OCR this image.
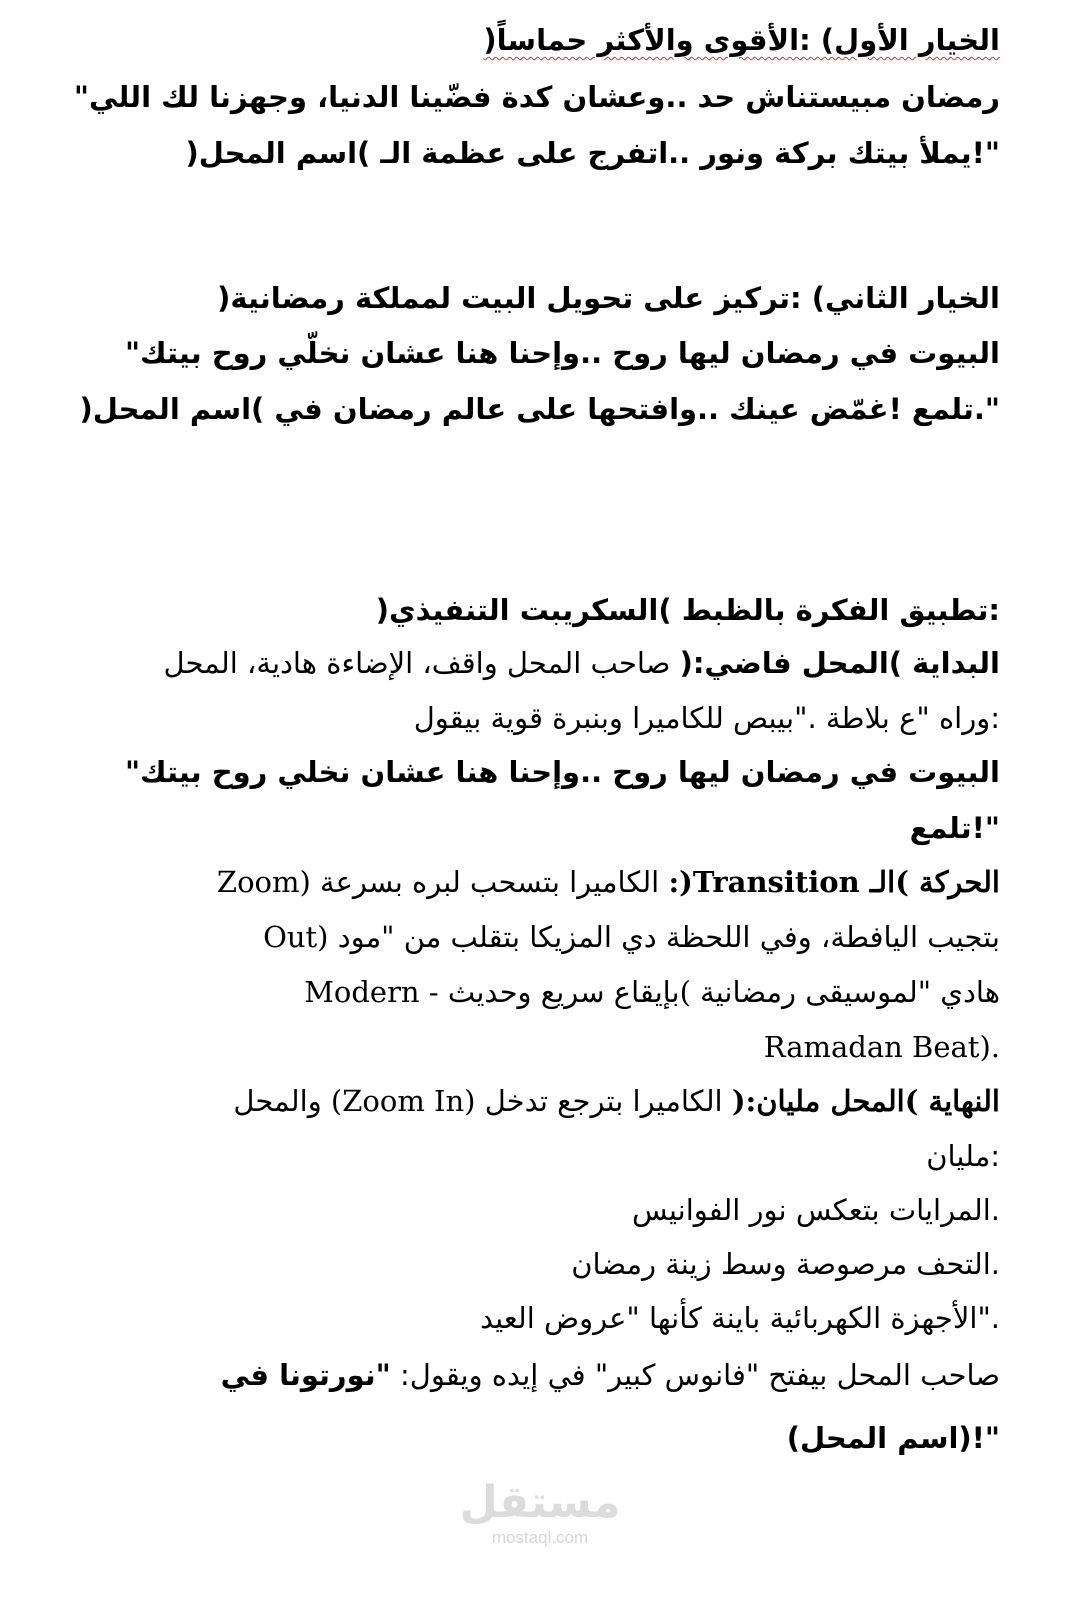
الخيار الأول) :الأقوى والأكثر حماساً(
رمضان مبيستناش حد ..وعشان كدة فضّينا الدنيا، وجهزنا لك اللي"
"!يملأ بيتك بركة ونور ..اتفرج على عظمة الـ )اسم المحل(
الخيار الثاني) :تركيز على تحويل البيت لمملكة رمضانية(
البيوت في رمضان ليها روح ..وإحنا هنا عشان نخلّي روح بيتك"
".تلمع !غمّض عينك ..وافتحها على عالم رمضان في )اسم المحل(
:تطبيق الفكرة بالظبط )السكريبت التنفيذي(
البداية )المحل فاضي:( صاحب المحل واقف، الإضاءة هادية، المحل
:وراه "ع بلاطة ."بيبص للكاميرا وبنبرة قوية بيقول
البيوت في رمضان ليها روح ..وإحنا هنا عشان نخلي روح بيتك"
"!تلمع
الحركة )الـ Transition(: الكاميرا بتسحب لبره بسرعة (Zoom
بتجيب اليافطة، وفي اللحظة دي المزيكا بتقلب من "مود (Out
Modern - هادي "لموسيقى رمضانية )بإيقاع سريع وحديث
Ramadan Beat).
النهاية )المحل مليان:( الكاميرا بترجع تدخل (Zoom In) والمحل
:مليان
.المرايات بتعكس نور الفوانيس
.التحف مرصوصة وسط زينة رمضان
."الأجهزة الكهربائية باينة كأنها "عروض العيد
صاحب المحل بيفتح "فانوس كبير" في إيده ويقول: "نورتونا في
"!(اسم المحل)
مستقل
mostaql.com
